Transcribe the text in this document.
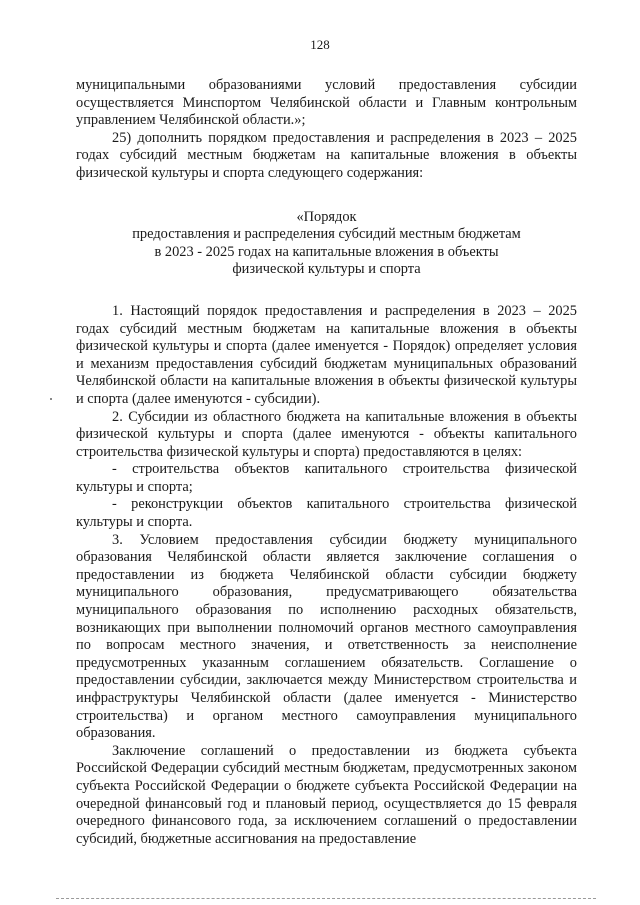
128

муниципальными образованиями условий предоставления субсидии осуществляется Минспортом Челябинской области и Главным контрольным управлением Челябинской области.»;

25) дополнить порядком предоставления и распределения в 2023 – 2025 годах субсидий местным бюджетам на капитальные вложения в объекты физической культуры и спорта следующего содержания:

«Порядок
предоставления и распределения субсидий местным бюджетам
в 2023 - 2025 годах на капитальные вложения в объекты
физической культуры и спорта

1. Настоящий порядок предоставления и распределения в 2023 – 2025 годах субсидий местным бюджетам на капитальные вложения в объекты физической культуры и спорта (далее именуется - Порядок) определяет условия и механизм предоставления субсидий бюджетам муниципальных образований Челябинской области на капитальные вложения в объекты физической культуры и спорта (далее именуются - субсидии).

2. Субсидии из областного бюджета на капитальные вложения в объекты физической культуры и спорта (далее именуются - объекты капитального строительства физической культуры и спорта) предоставляются в целях:

- строительства объектов капитального строительства физической культуры и спорта;

- реконструкции объектов капитального строительства физической культуры и спорта.

3. Условием предоставления субсидии бюджету муниципального образования Челябинской области является заключение соглашения о предоставлении из бюджета Челябинской области субсидии бюджету муниципального образования, предусматривающего обязательства муниципального образования по исполнению расходных обязательств, возникающих при выполнении полномочий органов местного самоуправления по вопросам местного значения, и ответственность за неисполнение предусмотренных указанным соглашением обязательств. Соглашение о предоставлении субсидии, заключается между Министерством строительства и инфраструктуры Челябинской области (далее именуется - Министерство строительства) и органом местного самоуправления муниципального образования.

Заключение соглашений о предоставлении из бюджета субъекта Российской Федерации субсидий местным бюджетам, предусмотренных законом субъекта Российской Федерации о бюджете субъекта Российской Федерации на очередной финансовый год и плановый период, осуществляется до 15 февраля очередного финансового года, за исключением соглашений о предоставлении субсидий, бюджетные ассигнования на предоставление
